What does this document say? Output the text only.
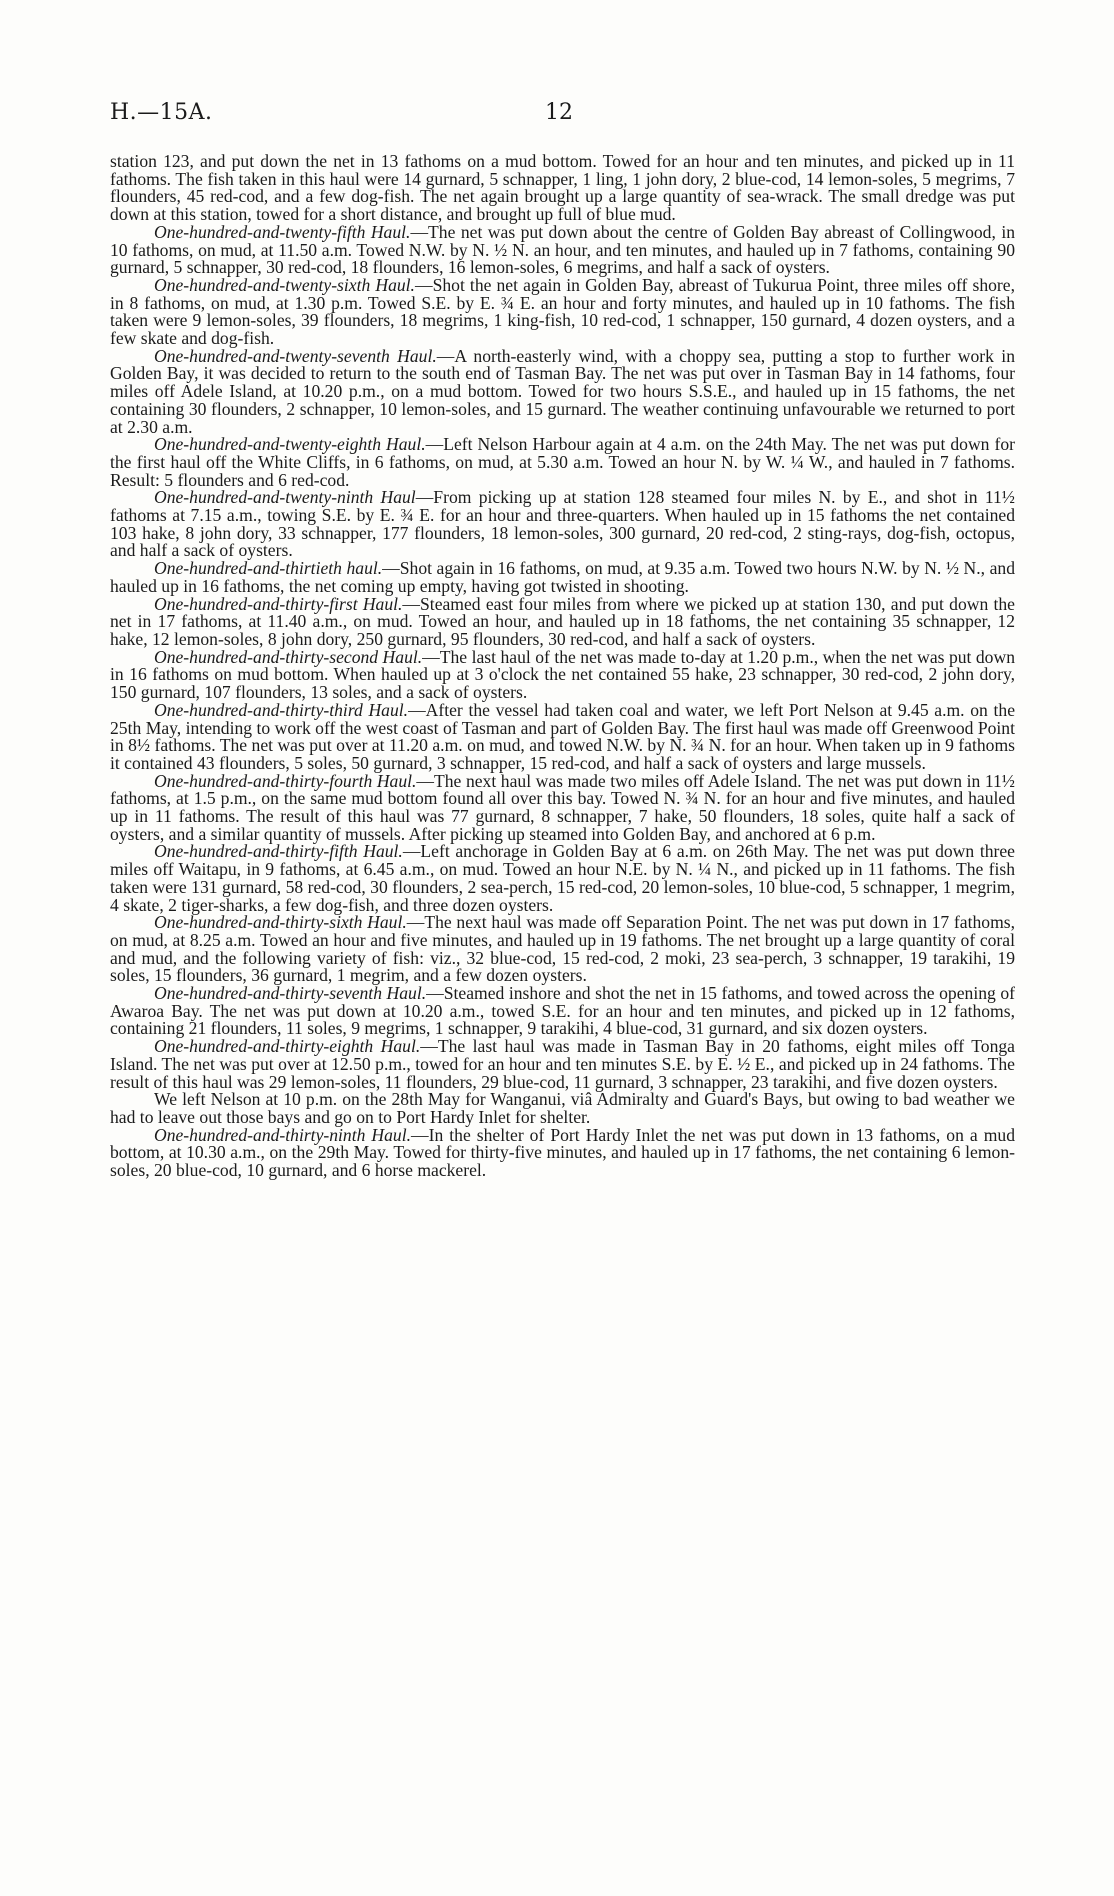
H.—15A.	12

station 123, and put down the net in 13 fathoms on a mud bottom. Towed for an hour and ten minutes, and picked up in 11 fathoms. The fish taken in this haul were 14 gurnard, 5 schnapper, 1 ling, 1 john dory, 2 blue-cod, 14 lemon-soles, 5 megrims, 7 flounders, 45 red-cod, and a few dog-fish. The net again brought up a large quantity of sea-wrack. The small dredge was put down at this station, towed for a short distance, and brought up full of blue mud.

One-hundred-and-twenty-fifth Haul.—The net was put down about the centre of Golden Bay abreast of Collingwood, in 10 fathoms, on mud, at 11.50 a.m. Towed N.W. by N. ½ N. an hour, and ten minutes, and hauled up in 7 fathoms, containing 90 gurnard, 5 schnapper, 30 red-cod, 18 flounders, 16 lemon-soles, 6 megrims, and half a sack of oysters.

One-hundred-and-twenty-sixth Haul.—Shot the net again in Golden Bay, abreast of Tukurua Point, three miles off shore, in 8 fathoms, on mud, at 1.30 p.m. Towed S.E. by E. ¾ E. an hour and forty minutes, and hauled up in 10 fathoms. The fish taken were 9 lemon-soles, 39 flounders, 18 megrims, 1 king-fish, 10 red-cod, 1 schnapper, 150 gurnard, 4 dozen oysters, and a few skate and dog-fish.

One-hundred-and-twenty-seventh Haul.—A north-easterly wind, with a choppy sea, putting a stop to further work in Golden Bay, it was decided to return to the south end of Tasman Bay. The net was put over in Tasman Bay in 14 fathoms, four miles off Adele Island, at 10.20 p.m., on a mud bottom. Towed for two hours S.S.E., and hauled up in 15 fathoms, the net containing 30 flounders, 2 schnapper, 10 lemon-soles, and 15 gurnard. The weather continuing unfavourable we returned to port at 2.30 a.m.

One-hundred-and-twenty-eighth Haul.—Left Nelson Harbour again at 4 a.m. on the 24th May. The net was put down for the first haul off the White Cliffs, in 6 fathoms, on mud, at 5.30 a.m. Towed an hour N. by W. ¼ W., and hauled in 7 fathoms. Result: 5 flounders and 6 red-cod.

One-hundred-and-twenty-ninth Haul—From picking up at station 128 steamed four miles N. by E., and shot in 11½ fathoms at 7.15 a.m., towing S.E. by E. ¾ E. for an hour and three-quarters. When hauled up in 15 fathoms the net contained 103 hake, 8 john dory, 33 schnapper, 177 flounders, 18 lemon-soles, 300 gurnard, 20 red-cod, 2 sting-rays, dog-fish, octopus, and half a sack of oysters.

One-hundred-and-thirtieth haul.—Shot again in 16 fathoms, on mud, at 9.35 a.m. Towed two hours N.W. by N. ½ N., and hauled up in 16 fathoms, the net coming up empty, having got twisted in shooting.

One-hundred-and-thirty-first Haul.—Steamed east four miles from where we picked up at station 130, and put down the net in 17 fathoms, at 11.40 a.m., on mud. Towed an hour, and hauled up in 18 fathoms, the net containing 35 schnapper, 12 hake, 12 lemon-soles, 8 john dory, 250 gurnard, 95 flounders, 30 red-cod, and half a sack of oysters.

One-hundred-and-thirty-second Haul.—The last haul of the net was made to-day at 1.20 p.m., when the net was put down in 16 fathoms on mud bottom. When hauled up at 3 o'clock the net contained 55 hake, 23 schnapper, 30 red-cod, 2 john dory, 150 gurnard, 107 flounders, 13 soles, and a sack of oysters.

One-hundred-and-thirty-third Haul.—After the vessel had taken coal and water, we left Port Nelson at 9.45 a.m. on the 25th May, intending to work off the west coast of Tasman and part of Golden Bay. The first haul was made off Greenwood Point in 8½ fathoms. The net was put over at 11.20 a.m. on mud, and towed N.W. by N. ¾ N. for an hour. When taken up in 9 fathoms it contained 43 flounders, 5 soles, 50 gurnard, 3 schnapper, 15 red-cod, and half a sack of oysters and large mussels.

One-hundred-and-thirty-fourth Haul.—The next haul was made two miles off Adele Island. The net was put down in 11½ fathoms, at 1.5 p.m., on the same mud bottom found all over this bay. Towed N. ¾ N. for an hour and five minutes, and hauled up in 11 fathoms. The result of this haul was 77 gurnard, 8 schnapper, 7 hake, 50 flounders, 18 soles, quite half a sack of oysters, and a similar quantity of mussels. After picking up steamed into Golden Bay, and anchored at 6 p.m.

One-hundred-and-thirty-fifth Haul.—Left anchorage in Golden Bay at 6 a.m. on 26th May. The net was put down three miles off Waitapu, in 9 fathoms, at 6.45 a.m., on mud. Towed an hour N.E. by N. ¼ N., and picked up in 11 fathoms. The fish taken were 131 gurnard, 58 red-cod, 30 flounders, 2 sea-perch, 15 red-cod, 20 lemon-soles, 10 blue-cod, 5 schnapper, 1 megrim, 4 skate, 2 tiger-sharks, a few dog-fish, and three dozen oysters.

One-hundred-and-thirty-sixth Haul.—The next haul was made off Separation Point. The net was put down in 17 fathoms, on mud, at 8.25 a.m. Towed an hour and five minutes, and hauled up in 19 fathoms. The net brought up a large quantity of coral and mud, and the following variety of fish: viz., 32 blue-cod, 15 red-cod, 2 moki, 23 sea-perch, 3 schnapper, 19 tarakihi, 19 soles, 15 flounders, 36 gurnard, 1 megrim, and a few dozen oysters.

One-hundred-and-thirty-seventh Haul.—Steamed inshore and shot the net in 15 fathoms, and towed across the opening of Awaroa Bay. The net was put down at 10.20 a.m., towed S.E. for an hour and ten minutes, and picked up in 12 fathoms, containing 21 flounders, 11 soles, 9 megrims, 1 schnapper, 9 tarakihi, 4 blue-cod, 31 gurnard, and six dozen oysters.

One-hundred-and-thirty-eighth Haul.—The last haul was made in Tasman Bay in 20 fathoms, eight miles off Tonga Island. The net was put over at 12.50 p.m., towed for an hour and ten minutes S.E. by E. ½ E., and picked up in 24 fathoms. The result of this haul was 29 lemon-soles, 11 flounders, 29 blue-cod, 11 gurnard, 3 schnapper, 23 tarakihi, and five dozen oysters.

We left Nelson at 10 p.m. on the 28th May for Wanganui, viâ Admiralty and Guard's Bays, but owing to bad weather we had to leave out those bays and go on to Port Hardy Inlet for shelter.

One-hundred-and-thirty-ninth Haul.—In the shelter of Port Hardy Inlet the net was put down in 13 fathoms, on a mud bottom, at 10.30 a.m., on the 29th May. Towed for thirty-five minutes, and hauled up in 17 fathoms, the net containing 6 lemon-soles, 20 blue-cod, 10 gurnard, and 6 horse mackerel.
